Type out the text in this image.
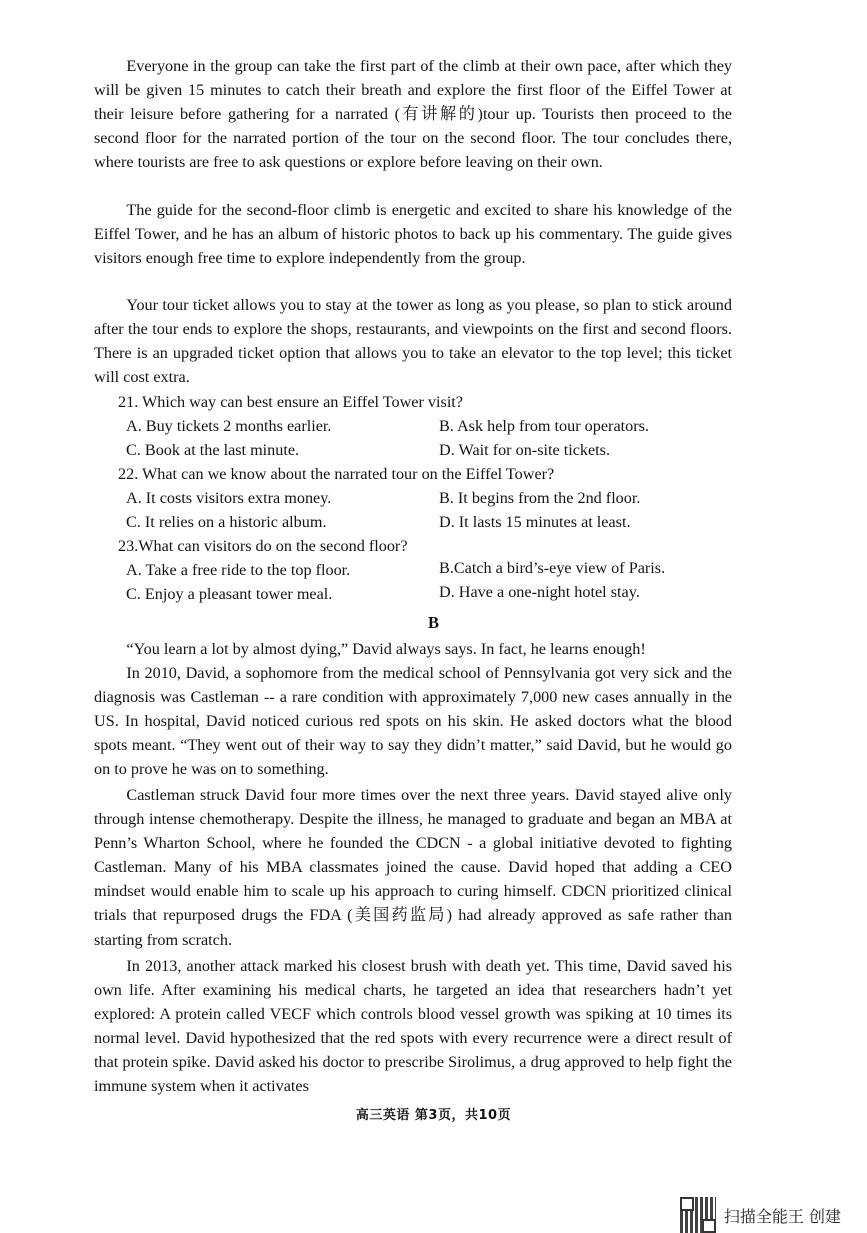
Everyone in the group can take the first part of the climb at their own pace, after which they will be given 15 minutes to catch their breath and explore the first floor of the Eiffel Tower at their leisure before gathering for a narrated (有讲解的)tour up. Tourists then proceed to the second floor for the narrated portion of the tour on the second floor. The tour concludes there, where tourists are free to ask questions or explore before leaving on their own.

The guide for the second-floor climb is energetic and excited to share his knowledge of the Eiffel Tower, and he has an album of historic photos to back up his commentary. The guide gives visitors enough free time to explore independently from the group.

Your tour ticket allows you to stay at the tower as long as you please, so plan to stick around after the tour ends to explore the shops, restaurants, and viewpoints on the first and second floors. There is an upgraded ticket option that allows you to take an elevator to the top level; this ticket will cost extra.

21. Which way can best ensure an Eiffel Tower visit?

A. Buy tickets 2 months earlier.	B. Ask help from tour operators.
C. Book at the last minute.	D. Wait for on-site tickets.

22. What can we know about the narrated tour on the Eiffel Tower?

A. It costs visitors extra money.	B. It begins from the 2nd floor.
C. It relies on a historic album.	D. It lasts 15 minutes at least.

23.What can visitors do on the second floor?

A. Take a free ride to the top floor.	B.Catch a bird’s-eye view of Paris.
C. Enjoy a pleasant tower meal.	D. Have a one-night hotel stay.
B

“You learn a lot by almost dying,” David always says. In fact, he learns enough!

In 2010, David, a sophomore from the medical school of Pennsylvania got very sick and the diagnosis was Castleman -- a rare condition with approximately 7,000 new cases annually in the US. In hospital, David noticed curious red spots on his skin. He asked doctors what the blood spots meant. “They went out of their way to say they didn’t matter,” said David, but he would go on to prove he was on to something.

Castleman struck David four more times over the next three years. David stayed alive only through intense chemotherapy. Despite the illness, he managed to graduate and began an MBA at Penn’s Wharton School, where he founded the CDCN - a global initiative devoted to fighting Castleman. Many of his MBA classmates joined the cause. David hoped that adding a CEO mindset would enable him to scale up his approach to curing himself. CDCN prioritized clinical trials that repurposed drugs the FDA (美国药监局) had already approved as safe rather than starting from scratch.

In 2013, another attack marked his closest brush with death yet. This time, David saved his own life. After examining his medical charts, he targeted an idea that researchers hadn’t yet explored: A protein called VECF which controls blood vessel growth was spiking at 10 times its normal level. David hypothesized that the red spots with every recurrence were a direct result of that protein spike. David asked his doctor to prescribe Sirolimus, a drug approved to help fight the immune system when it activates

高三英语 第3页，共10页
扫描全能王 创建
